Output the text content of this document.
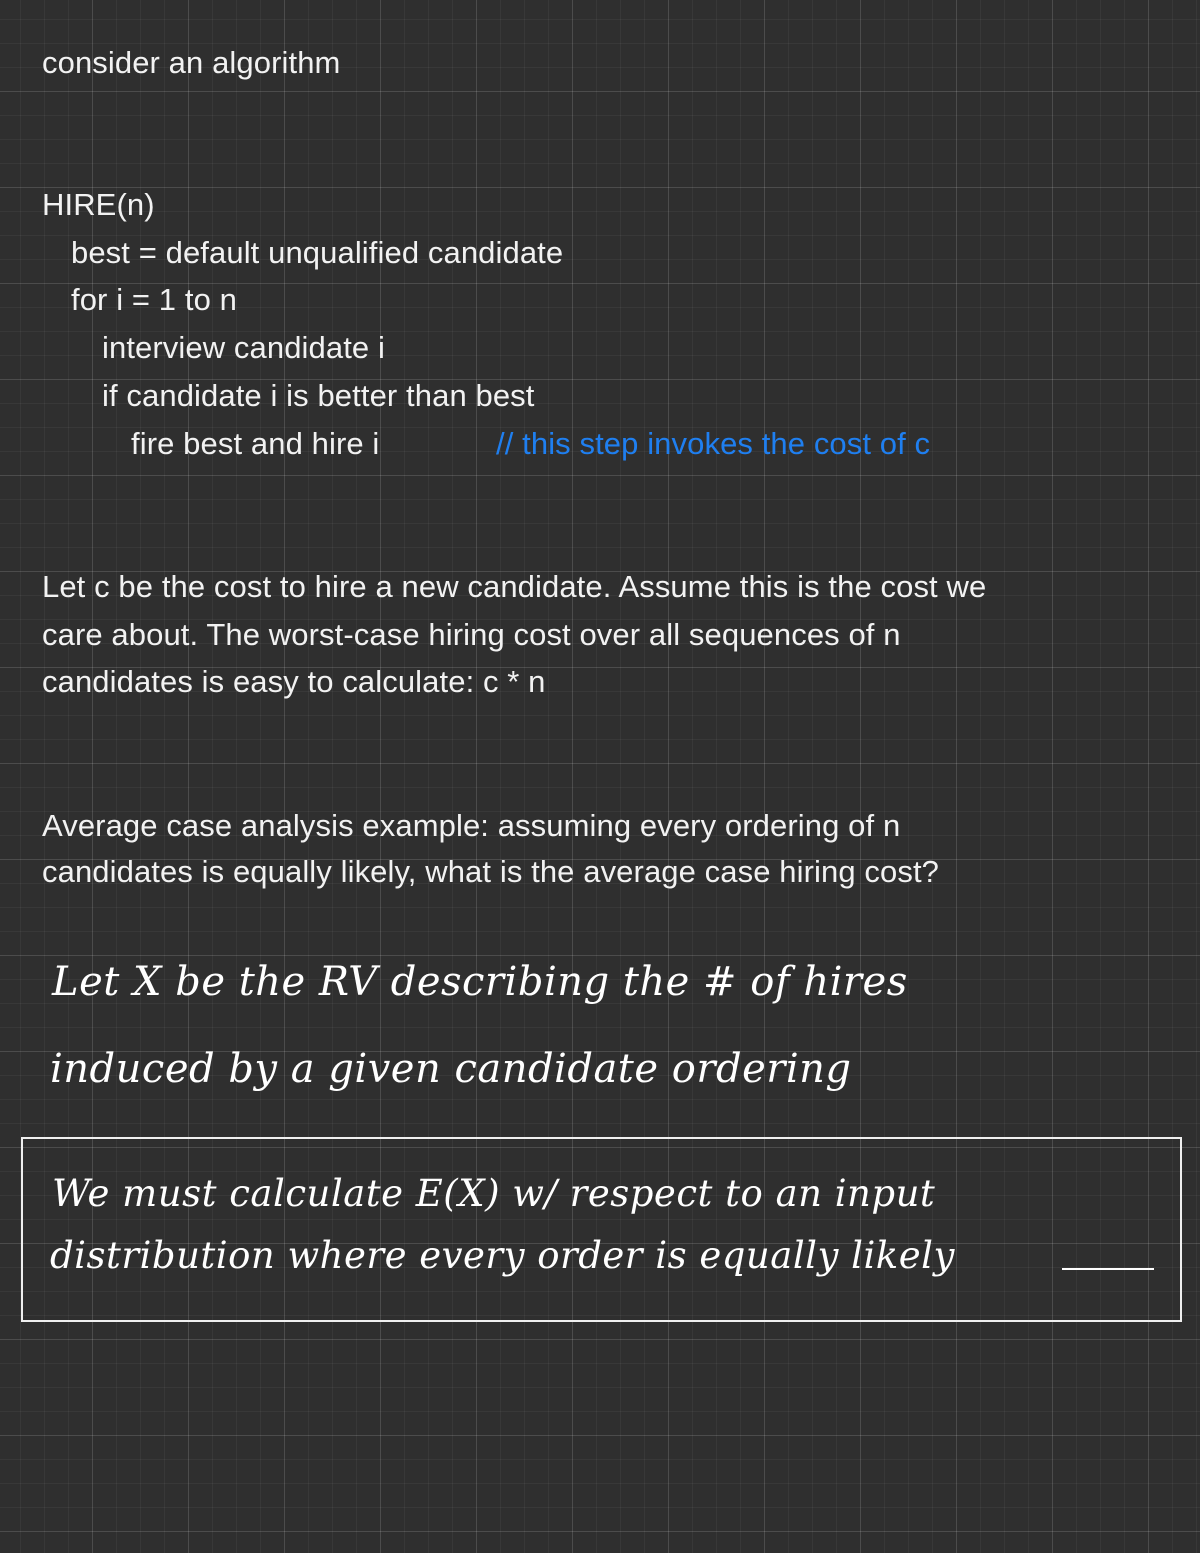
consider an algorithm

HIRE(n)

best = default unqualified candidate

for i = 1 to n

interview candidate i

if candidate i is better than best

fire best and hire i	// this step invokes the cost of c

Let c be the cost to hire a new candidate. Assume this is the cost we

care about. The worst-case hiring cost over all sequences of n

candidates is easy to calculate: c * n

Average case analysis example: assuming every ordering of n

candidates is equally likely, what is the average case hiring cost?

Let X be the RV describing the # of hires
induced by a given candidate ordering
We must calculate E(X) w/ respect to an input
distribution where every order is equally likely
